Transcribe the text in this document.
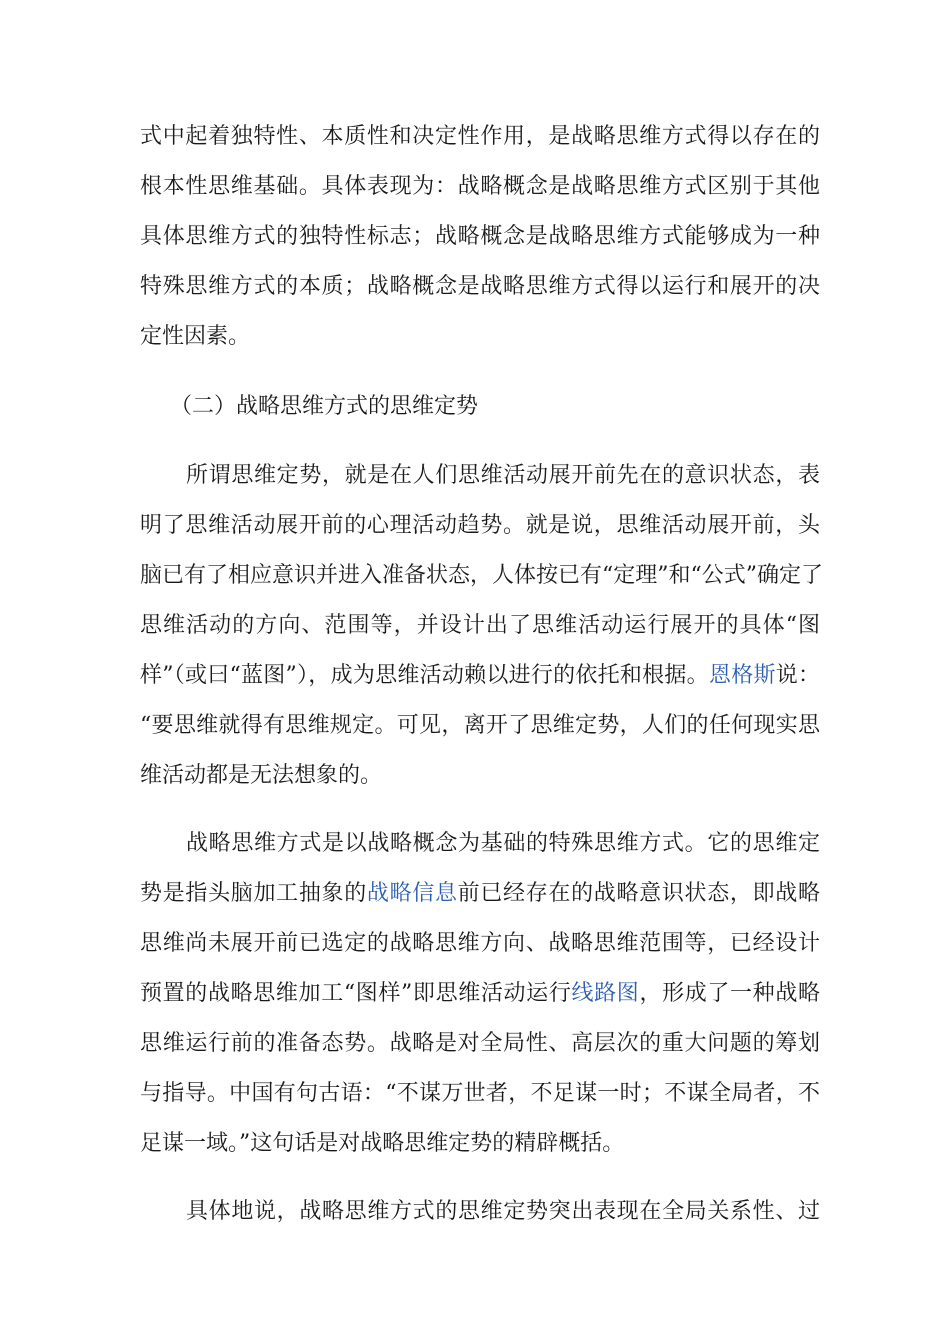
式中起着独特性、本质性和决定性作用，是战略思维方式得以存在的
根本性思维基础。具体表现为：战略概念是战略思维方式区别于其他
具体思维方式的独特性标志；战略概念是战略思维方式能够成为一种
特殊思维方式的本质；战略概念是战略思维方式得以运行和展开的决
定性因素。
（二）战略思维方式的思维定势
所谓思维定势，就是在人们思维活动展开前先在的意识状态，表
明了思维活动展开前的心理活动趋势。就是说，思维活动展开前，头
脑已有了相应意识并进入准备状态，人体按已有“定理”和“公式”确定了
思维活动的方向、范围等，并设计出了思维活动运行展开的具体“图
样”（或曰“蓝图”），成为思维活动赖以进行的依托和根据。恩格斯说：
“要思维就得有思维规定。可见，离开了思维定势，人们的任何现实思
维活动都是无法想象的。
战略思维方式是以战略概念为基础的特殊思维方式。它的思维定
势是指头脑加工抽象的战略信息前已经存在的战略意识状态，即战略
思维尚未展开前已选定的战略思维方向、战略思维范围等，已经设计
预置的战略思维加工“图样”即思维活动运行线路图，形成了一种战略
思维运行前的准备态势。战略是对全局性、高层次的重大问题的筹划
与指导。中国有句古语：“不谋万世者，不足谋一时；不谋全局者，不
足谋一域。”这句话是对战略思维定势的精辟概括。
具体地说，战略思维方式的思维定势突出表现在全局关系性、过
